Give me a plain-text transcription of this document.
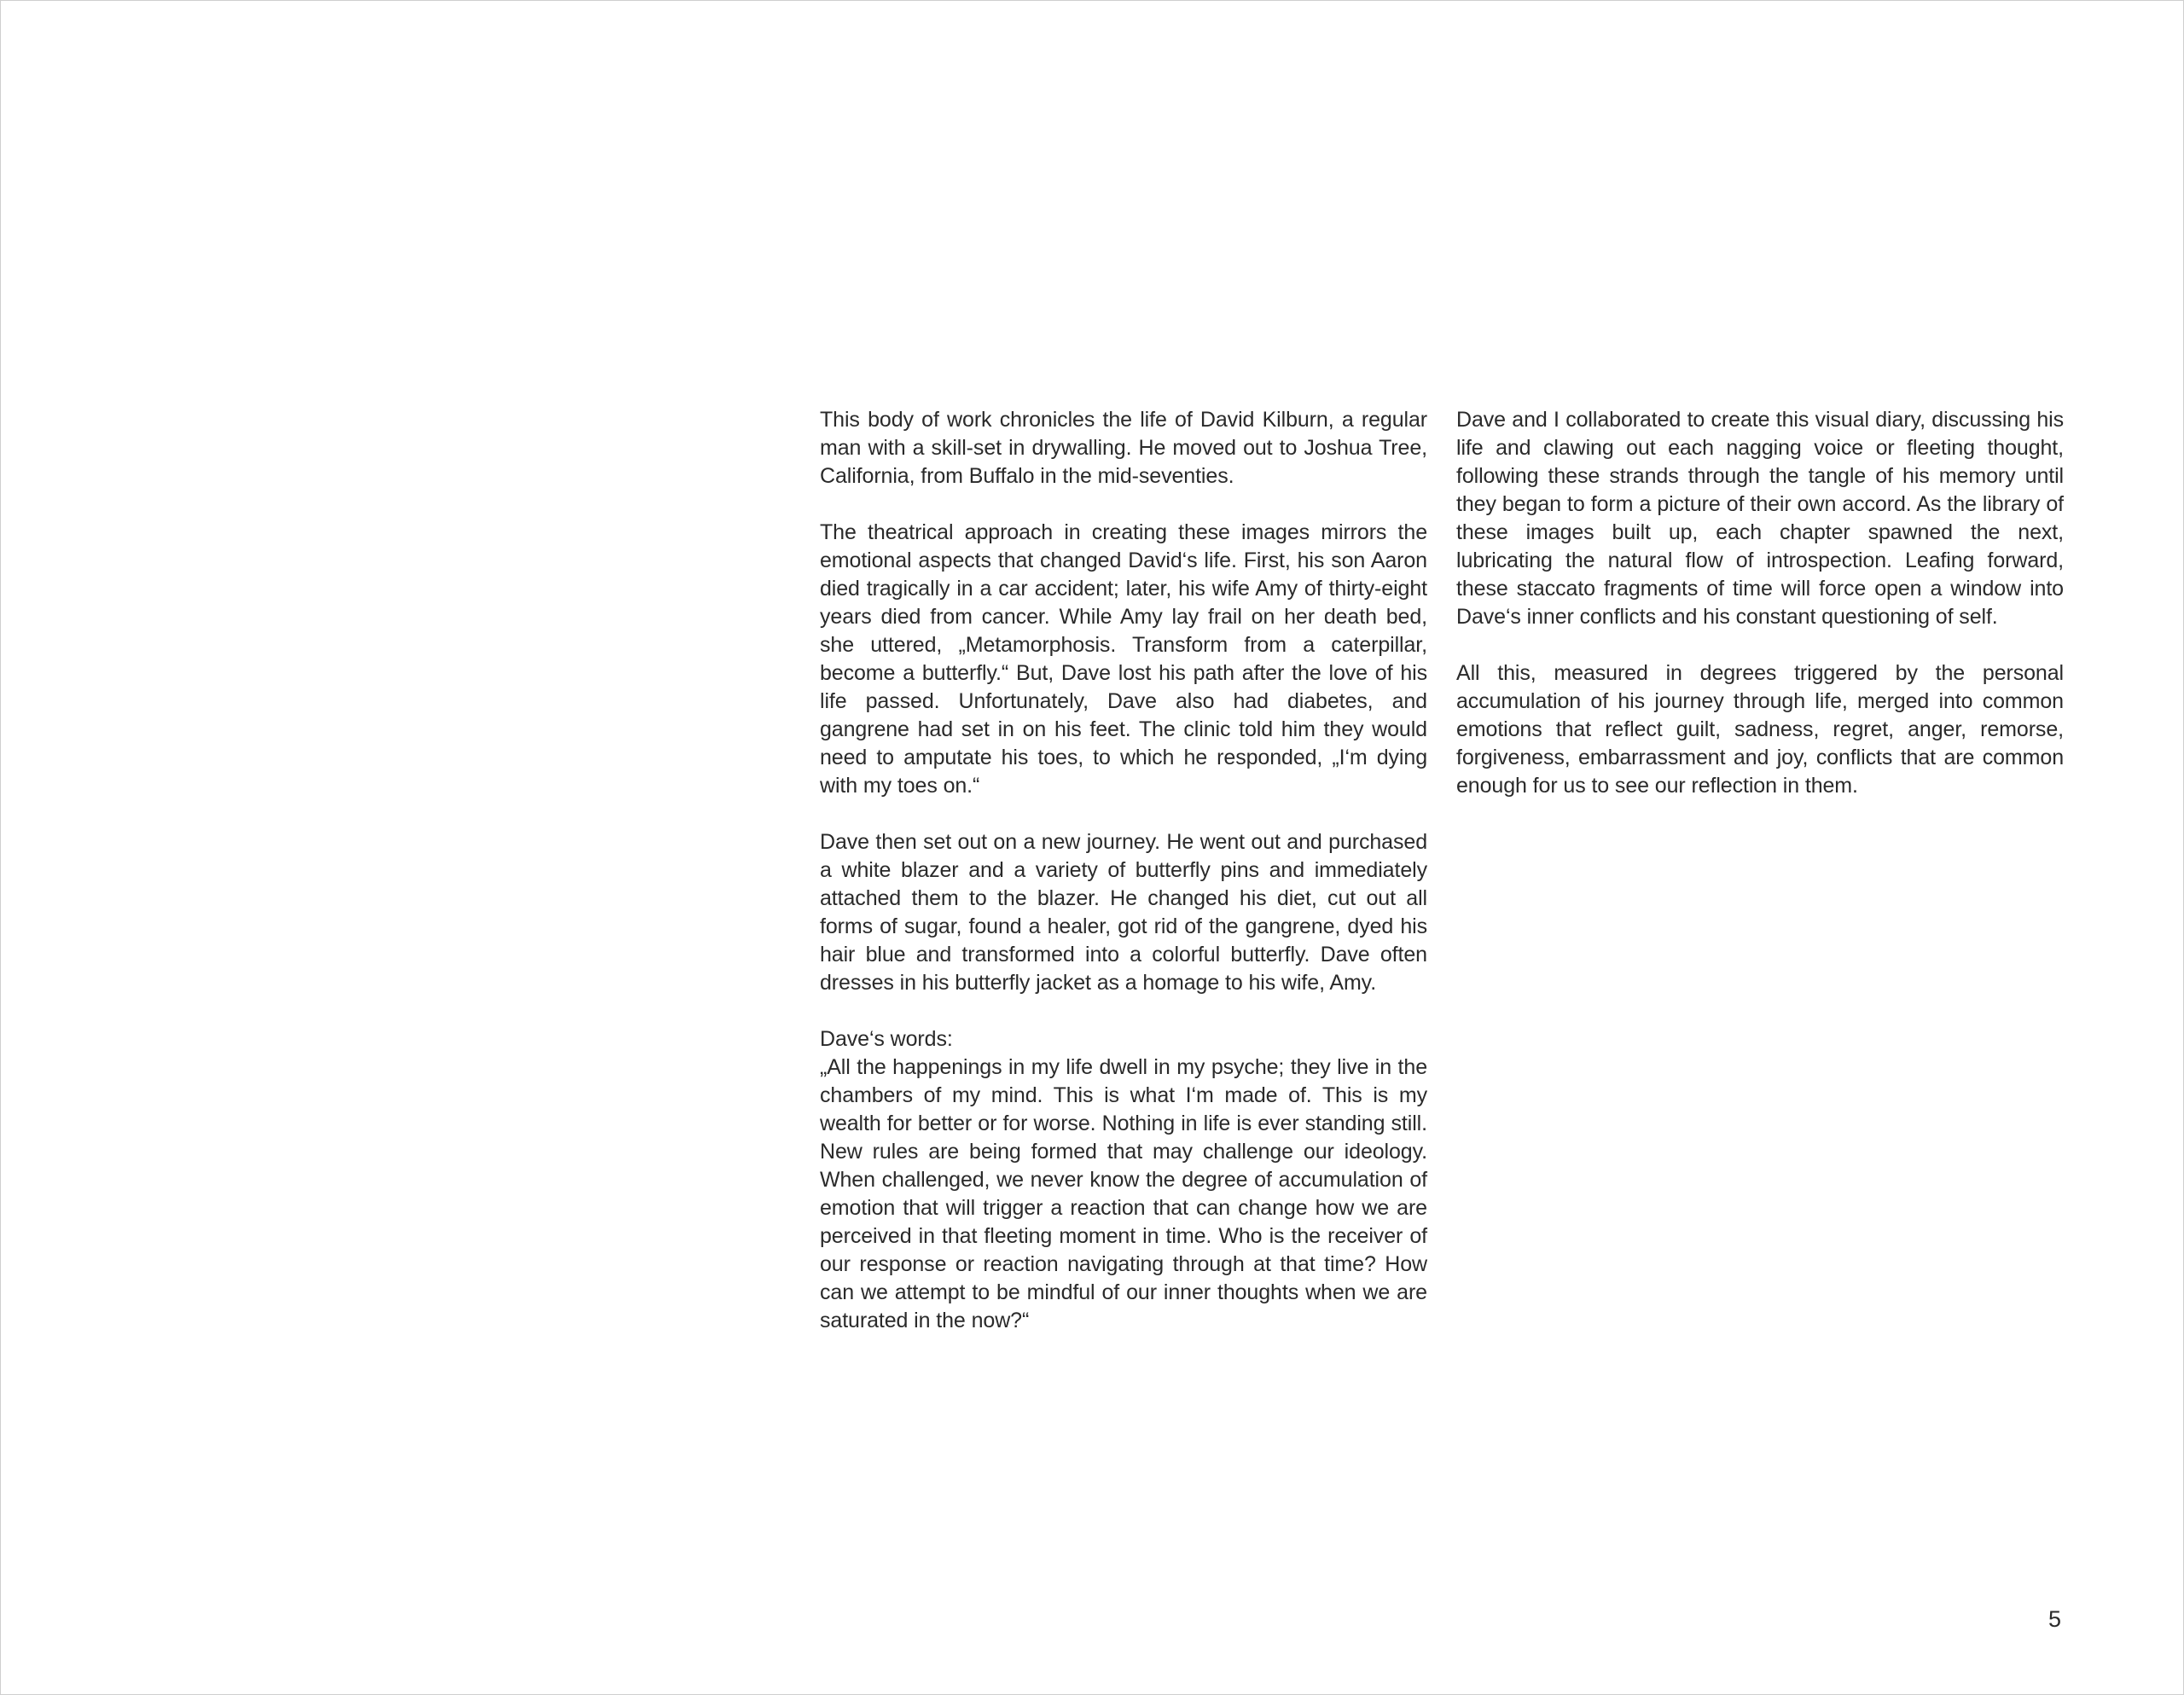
This body of work chronicles the life of David Kilburn, a regular man with a skill-set in drywalling. He moved out to Joshua Tree, California, from Buffalo in the mid-seventies.

The theatrical approach in creating these images mirrors the emotional aspects that changed David‘s life. First, his son Aaron died tragically in a car accident; later, his wife Amy of thirty-eight years died from cancer. While Amy lay frail on her death bed, she uttered, „Metamorphosis. Transform from a caterpillar, become a butterfly.“ But, Dave lost his path after the love of his life passed. Unfortunately, Dave also had diabetes, and gangrene had set in on his feet. The clinic told him they would need to amputate his toes, to which he responded, „I‘m dying with my toes on.“

Dave then set out on a new journey. He went out and purchased a white blazer and a variety of butterfly pins and immediately attached them to the blazer. He changed his diet, cut out all forms of sugar, found a healer, got rid of the gangrene, dyed his hair blue and transformed into a colorful butterfly. Dave often dresses in his butterfly jacket as a homage to his wife, Amy.

Dave‘s words:
„All the happenings in my life dwell in my psyche; they live in the chambers of my mind. This is what I‘m made of. This is my wealth for better or for worse. Nothing in life is ever standing still. New rules are being formed that may challenge our ideology. When challenged, we never know the degree of accumulation of emotion that will trigger a reaction that can change how we are perceived in that fleeting moment in time. Who is the receiver of our response or reaction navigating through at that time? How can we attempt to be mindful of our inner thoughts when we are saturated in the now?“

Dave and I collaborated to create this visual diary, discussing his life and clawing out each nagging voice or fleeting thought, following these strands through the tangle of his memory until they began to form a picture of their own accord. As the library of these images built up, each chapter spawned the next, lubricating the natural flow of introspection. Leafing forward, these staccato fragments of time will force open a window into Dave‘s inner conflicts and his constant questioning of self.

All this, measured in degrees triggered by the personal accumulation of his journey through life, merged into common emotions that reflect guilt, sadness, regret, anger, remorse, forgiveness, embarrassment and joy, conflicts that are common enough for us to see our reflection in them.

5
